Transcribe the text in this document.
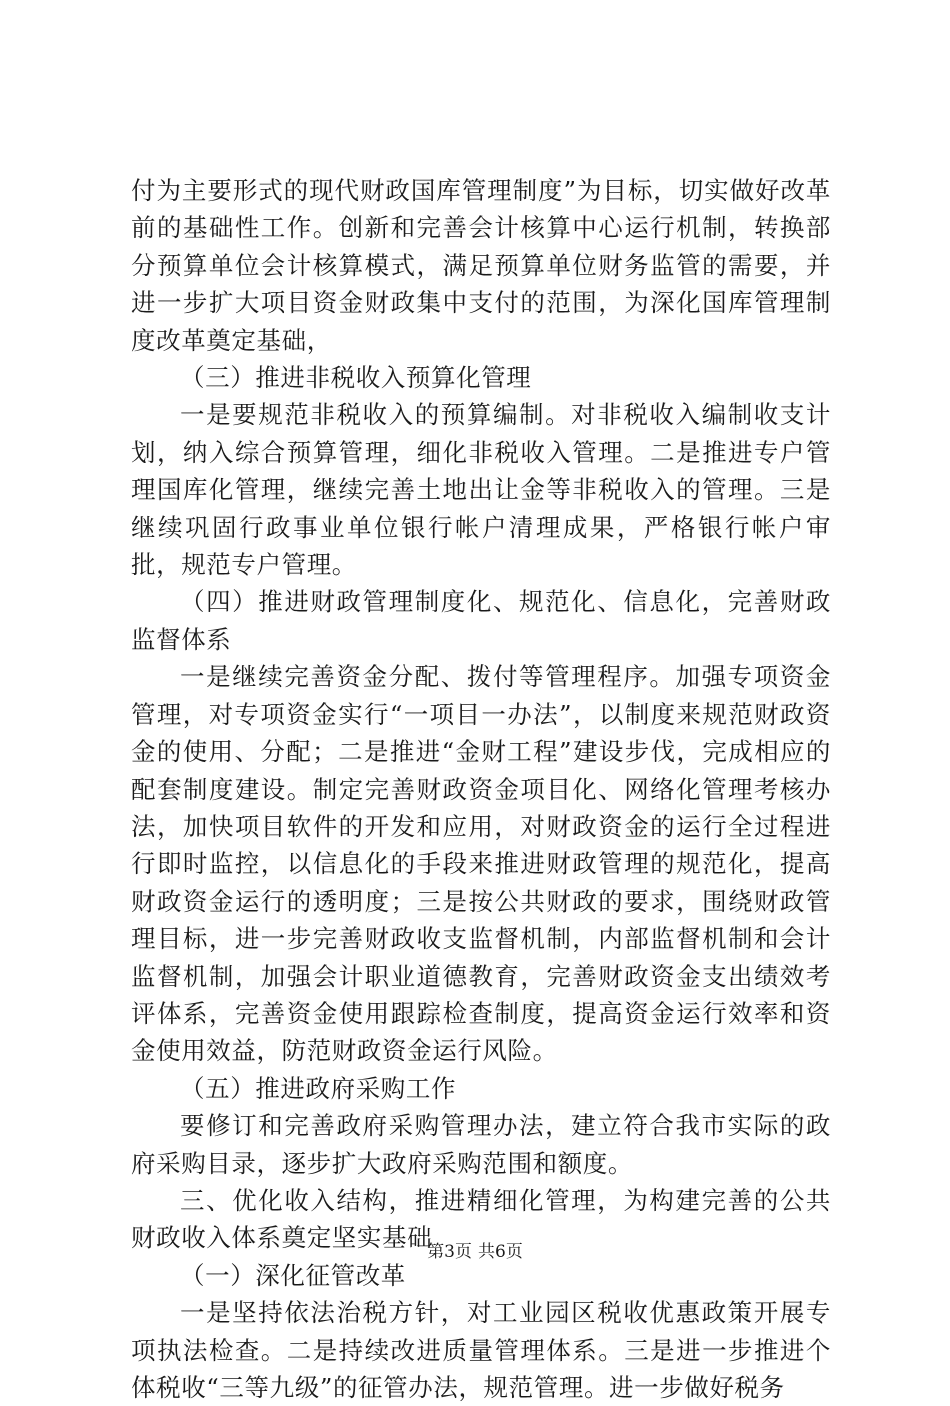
付为主要形式的现代财政国库管理制度”为目标，切实做好改革前的基础性工作。创新和完善会计核算中心运行机制，转换部分预算单位会计核算模式，满足预算单位财务监管的需要，并进一步扩大项目资金财政集中支付的范围，为深化国库管理制度改革奠定基础，

（三）推进非税收入预算化管理

一是要规范非税收入的预算编制。对非税收入编制收支计划，纳入综合预算管理，细化非税收入管理。二是推进专户管理国库化管理，继续完善土地出让金等非税收入的管理。三是继续巩固行政事业单位银行帐户清理成果，严格银行帐户审批，规范专户管理。

（四）推进财政管理制度化、规范化、信息化，完善财政监督体系

一是继续完善资金分配、拨付等管理程序。加强专项资金管理，对专项资金实行“一项目一办法”，以制度来规范财政资金的使用、分配；二是推进“金财工程”建设步伐，完成相应的配套制度建设。制定完善财政资金项目化、网络化管理考核办法，加快项目软件的开发和应用，对财政资金的运行全过程进行即时监控，以信息化的手段来推进财政管理的规范化，提高财政资金运行的透明度；三是按公共财政的要求，围绕财政管理目标，进一步完善财政收支监督机制，内部监督机制和会计监督机制，加强会计职业道德教育，完善财政资金支出绩效考评体系，完善资金使用跟踪检查制度，提高资金运行效率和资金使用效益，防范财政资金运行风险。

（五）推进政府采购工作

要修订和完善政府采购管理办法，建立符合我市实际的政府采购目录，逐步扩大政府采购范围和额度。

三、优化收入结构，推进精细化管理，为构建完善的公共财政收入体系奠定坚实基础

（一）深化征管改革

一是坚持依法治税方针，对工业园区税收优惠政策开展专项执法检查。二是持续改进质量管理体系。三是进一步推进个体税收“三等九级”的征管办法，规范管理。进一步做好税务

第3页 共6页
